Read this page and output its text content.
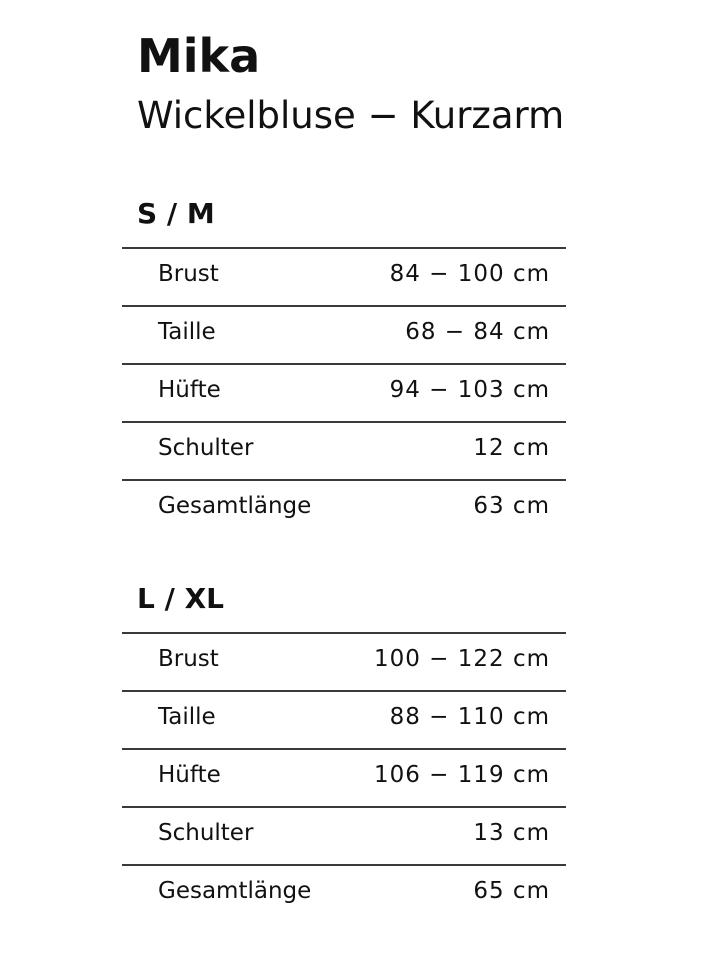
Mika
Wickelbluse − Kurzarm
S / M
Brust	84 − 100 cm
Taille	68 − 84 cm
Hüfte	94 − 103 cm
Schulter	12 cm
Gesamtlänge	63 cm
L / XL
Brust	100 − 122 cm
Taille	88 − 110 cm
Hüfte	106 − 119 cm
Schulter	13 cm
Gesamtlänge	65 cm
